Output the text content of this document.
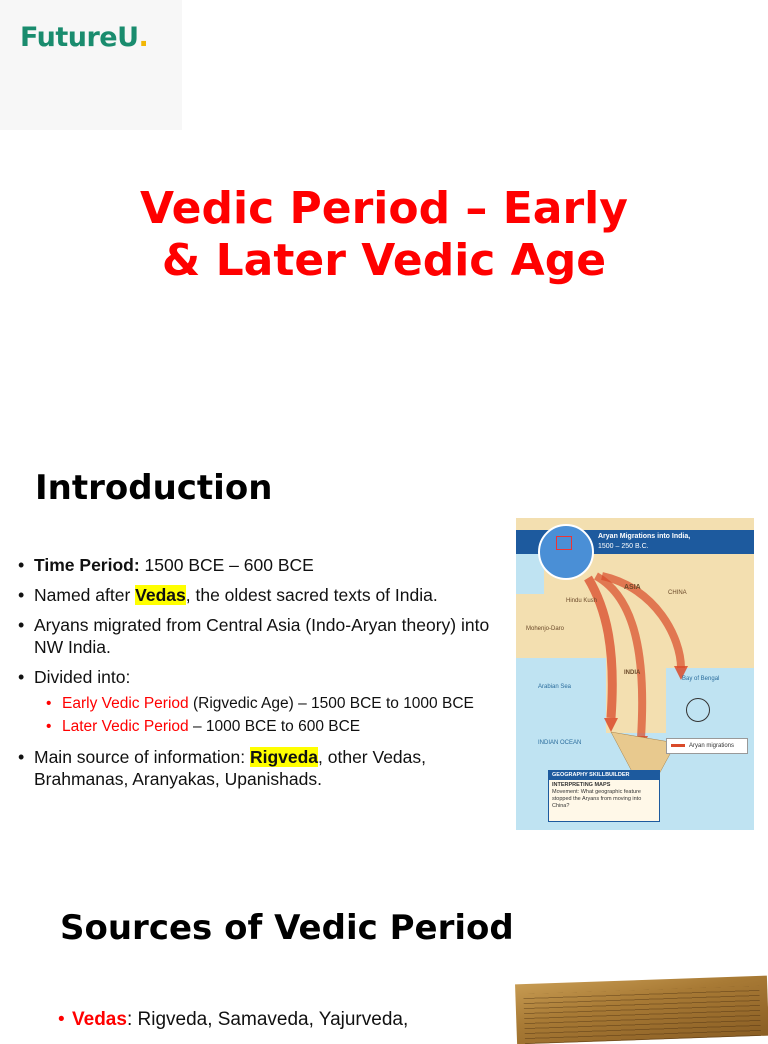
FutureU.
Vedic Period – Early
& Later Vedic Age
Introduction
• Time Period: 1500 BCE – 600 BCE
• Named after Vedas, the oldest sacred texts of India.
• Aryans migrated from Central Asia (Indo-Aryan theory) into NW India.
• Divided into:
• Early Vedic Period (Rigvedic Age) – 1500 BCE to 1000 BCE
• Later Vedic Period – 1000 BCE to 600 BCE
• Main source of information: Rigveda, other Vedas, Brahmanas, Aranyakas, Upanishads.
Aryan Migrations into India,
1500 – 250 B.C.
ASIA
CHINA
Hindu Kush
Mohenjo-Daro
INDIA
Arabian Sea
Bay of Bengal
INDIAN OCEAN	Aryan migrations
GEOGRAPHY SKILLBUILDER
INTERPRETING MAPS
Movement: What geographic feature stopped the Aryans from moving into China?
Sources of Vedic Period
• Vedas: Rigveda, Samaveda, Yajurveda,
